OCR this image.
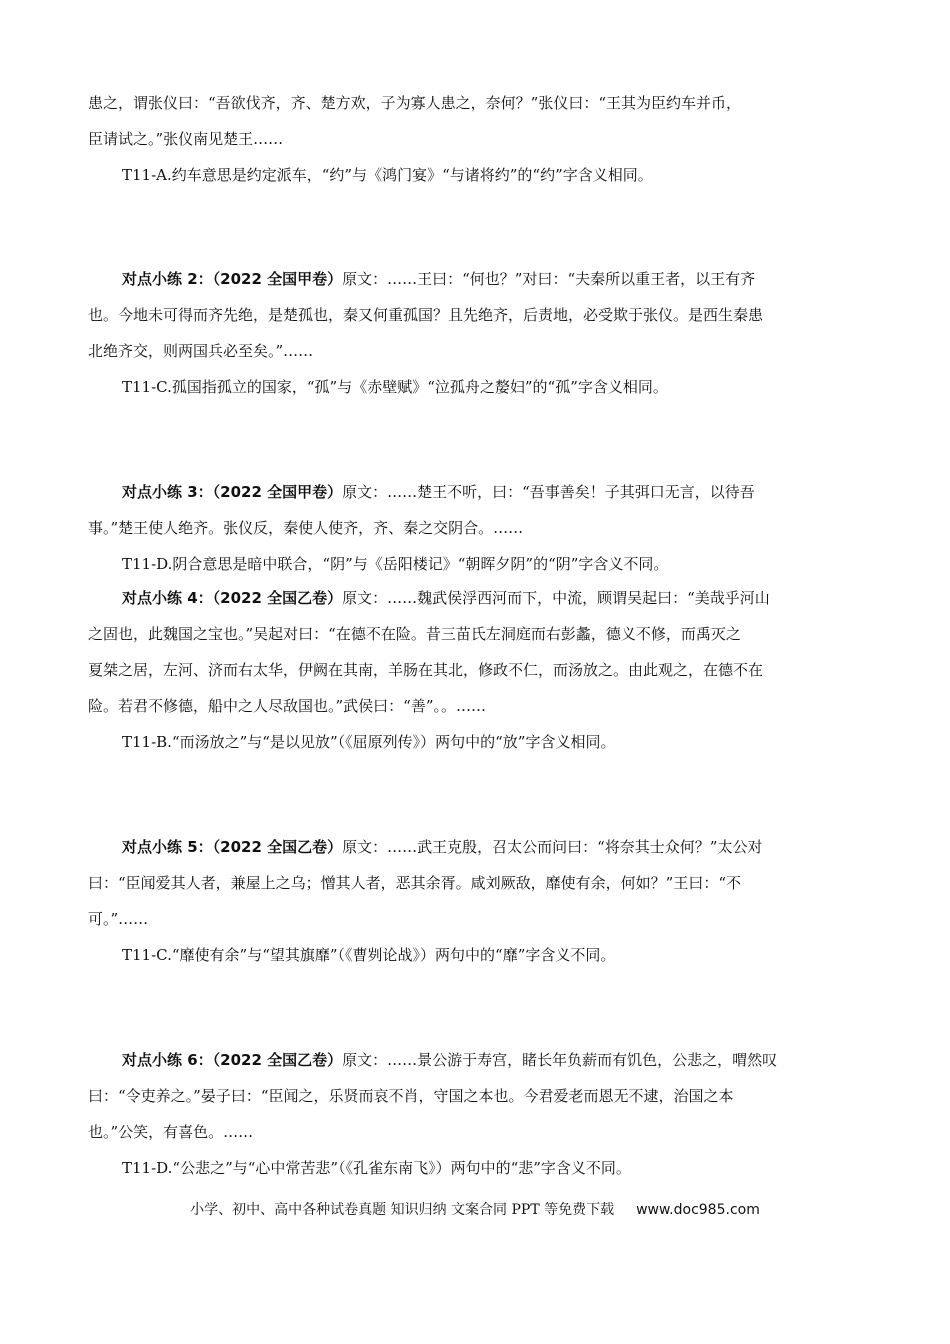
患之，谓张仪曰：“吾欲伐齐，齐、楚方欢，子为寡人患之，奈何？”张仪曰：“王其为臣约车并币，
臣请试之。”张仪南见楚王……
T11-A.约车意思是约定派车，“约”与《鸿门宴》“与诸将约”的“约”字含义相同。
对点小练 2：（2022 全国甲卷）原文：……王曰：“何也？”对曰：“夫秦所以重王者，以王有齐
也。今地未可得而齐先绝，是楚孤也，秦又何重孤国？且先绝齐，后责地，必受欺于张仪。是西生秦患
北绝齐交，则两国兵必至矣。”……
T11-C.孤国指孤立的国家，“孤”与《赤壁赋》“泣孤舟之嫠妇”的“孤”字含义相同。
对点小练 3：（2022 全国甲卷）原文：……楚王不听，曰：“吾事善矣！子其弭口无言，以待吾
事。”楚王使人绝齐。张仪反，秦使人使齐，齐、秦之交阴合。……
T11-D.阴合意思是暗中联合，“阴”与《岳阳楼记》“朝晖夕阴”的“阴”字含义不同。
对点小练 4：（2022 全国乙卷）原文：……魏武侯浮西河而下，中流，顾谓吴起曰：“美哉乎河山
之固也，此魏国之宝也。”吴起对曰：“在德不在险。昔三苗氏左洞庭而右彭蠡，德义不修，而禹灭之
夏桀之居，左河、济而右太华，伊阙在其南，羊肠在其北，修政不仁，而汤放之。由此观之，在德不在
险。若君不修德，船中之人尽敌国也。”武侯曰：“善”。。……
T11-B.“而汤放之”与“是以见放”（《屈原列传》）两句中的“放”字含义相同。
对点小练 5：（2022 全国乙卷）原文：……武王克殷，召太公而问曰：“将奈其士众何？”太公对
曰：“臣闻爱其人者，兼屋上之乌；憎其人者，恶其余胥。咸刘厥敌，靡使有余，何如？”王曰：“不
可。”……
T11-C.“靡使有余”与“望其旗靡”（《曹刿论战》）两句中的“靡”字含义不同。
对点小练 6：（2022 全国乙卷）原文：……景公游于寿宫，睹长年负薪而有饥色，公悲之，喟然叹
曰：“令吏养之。”晏子曰：“臣闻之，乐贤而哀不肖，守国之本也。今君爱老而恩无不逮，治国之本
也。”公笑，有喜色。……
T11-D.“公悲之”与“心中常苦悲”（《孔雀东南飞》）两句中的“悲”字含义不同。
小学、初中、高中各种试卷真题 知识归纳 文案合同 PPT 等免费下载 www.doc985.com
